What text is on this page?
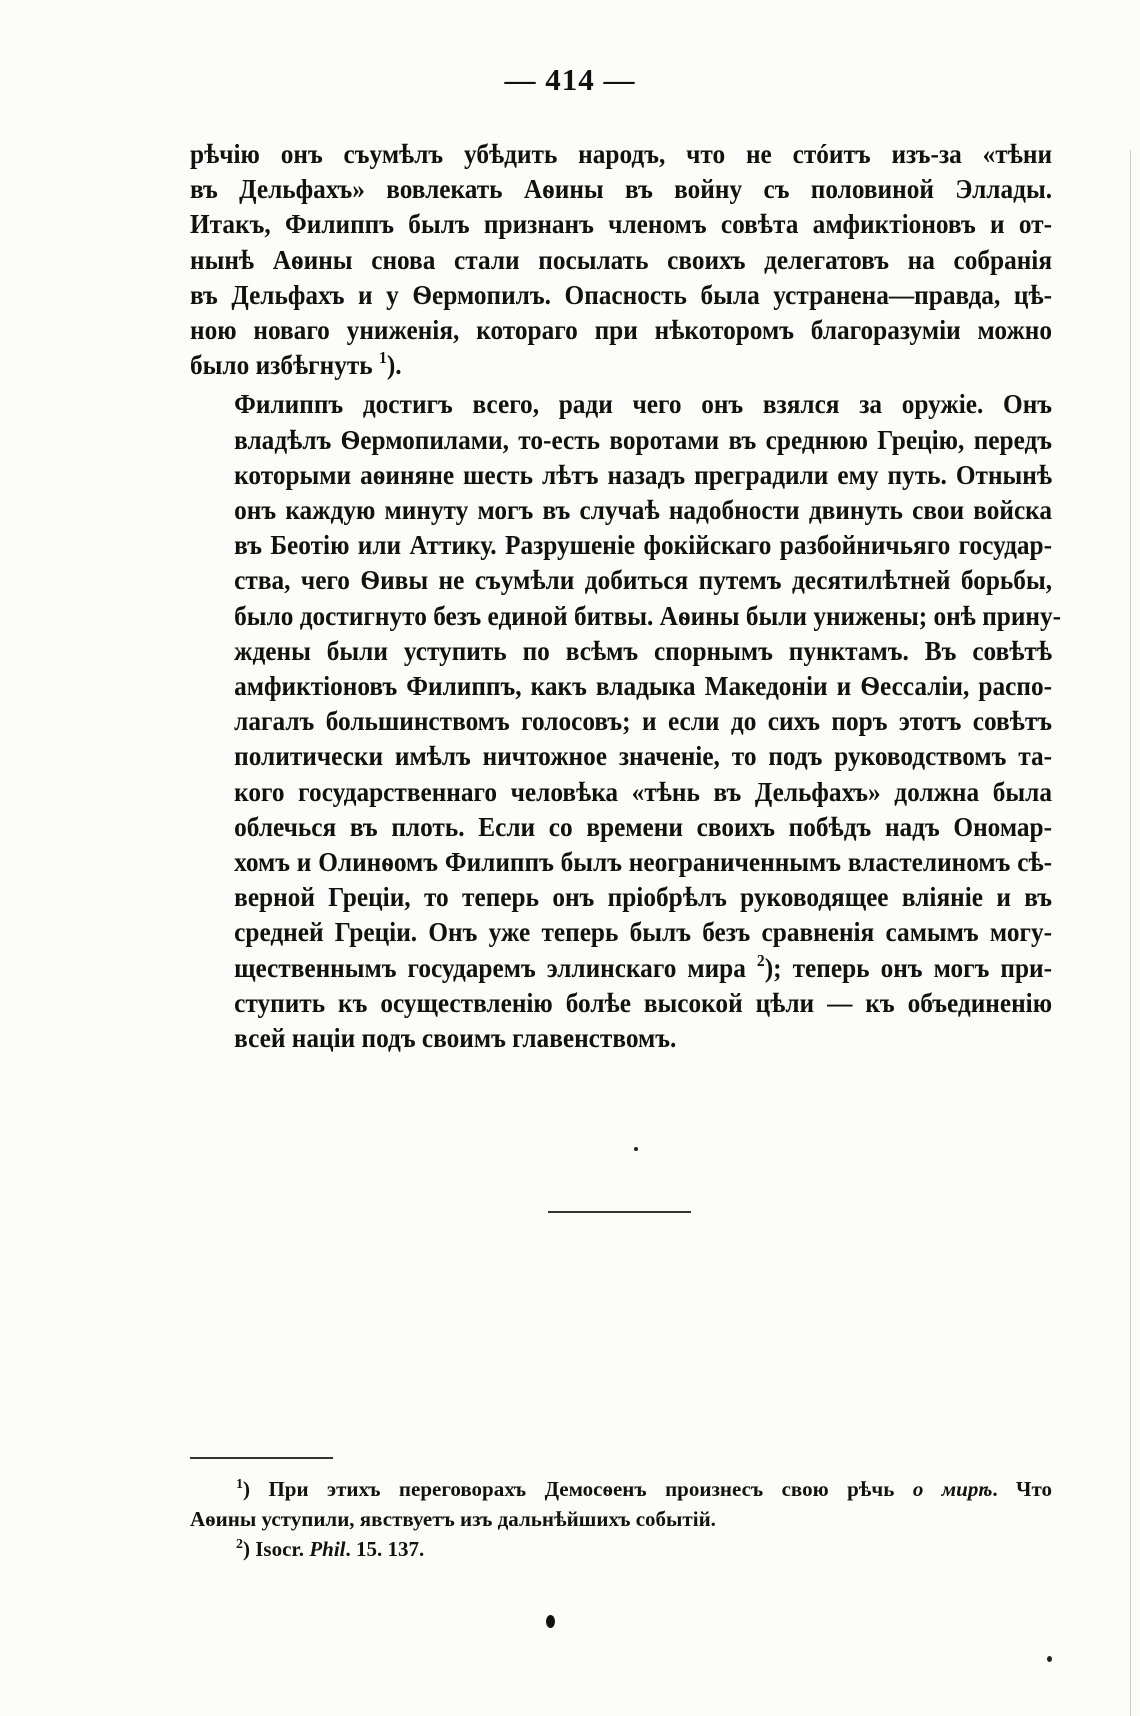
— 414 —

рѣчію онъ съумѣлъ убѣдить народъ, что не стóитъ изъ-за «тѣни
въ Дельфахъ» вовлекать Аѳины въ войну съ половиной Эллады.
Итакъ, Филиппъ былъ признанъ членомъ совѣта амфиктіоновъ и от-
нынѣ Аѳины снова стали посылать своихъ делегатовъ на собранія
въ Дельфахъ и у Ѳермопилъ. Опасность была устранена—правда, цѣ-
ною новаго униженія, котораго при нѣкоторомъ благоразуміи можно
было избѣгнуть $^1$).

Филиппъ достигъ всего, ради чего онъ взялся за оружіе. Онъ
владѣлъ Ѳермопилами, то-есть воротами въ среднюю Грецію, передъ
которыми аѳиняне шесть лѣтъ назадъ преградили ему путь. Отнынѣ
онъ каждую минуту могъ въ случаѣ надобности двинуть свои войска
въ Беотію или Аттику. Разрушеніе фокійскаго разбойничьяго государ-
ства, чего Ѳивы не съумѣли добиться путемъ десятилѣтней борьбы,
было достигнуто безъ единой битвы. Аѳины были унижены; онѣ прину-
ждены были уступить по всѣмъ спорнымъ пунктамъ. Въ совѣтѣ
амфиктіоновъ Филиппъ, какъ владыка Македоніи и Ѳессаліи, распо-
лагалъ большинствомъ голосовъ; и если до сихъ поръ этотъ совѣтъ
политически имѣлъ ничтожное значеніе, то подъ руководствомъ та-
кого государственнаго человѣка «тѣнь въ Дельфахъ» должна была
облечься въ плоть. Если со времени своихъ побѣдъ надъ Ономар-
хомъ и Олинѳомъ Филиппъ былъ неограниченнымъ властелиномъ сѣ-
верной Греціи, то теперь онъ пріобрѣлъ руководящее вліяніе и въ
средней Греціи. Онъ уже теперь былъ безъ сравненія самымъ могу-
щественнымъ государемъ эллинскаго мира $^2$); теперь онъ могъ при-
ступить къ осуществленію болѣе высокой цѣли — къ объединенію
всей націи подъ своимъ главенствомъ.

$^1$) При этихъ переговорахъ Демосѳенъ произнесъ свою рѣчь о мирѣ. Что
Аѳины уступили, явствуетъ изъ дальнѣйшихъ событій.
$^2$) Isocr. Phil. 15. 137.
